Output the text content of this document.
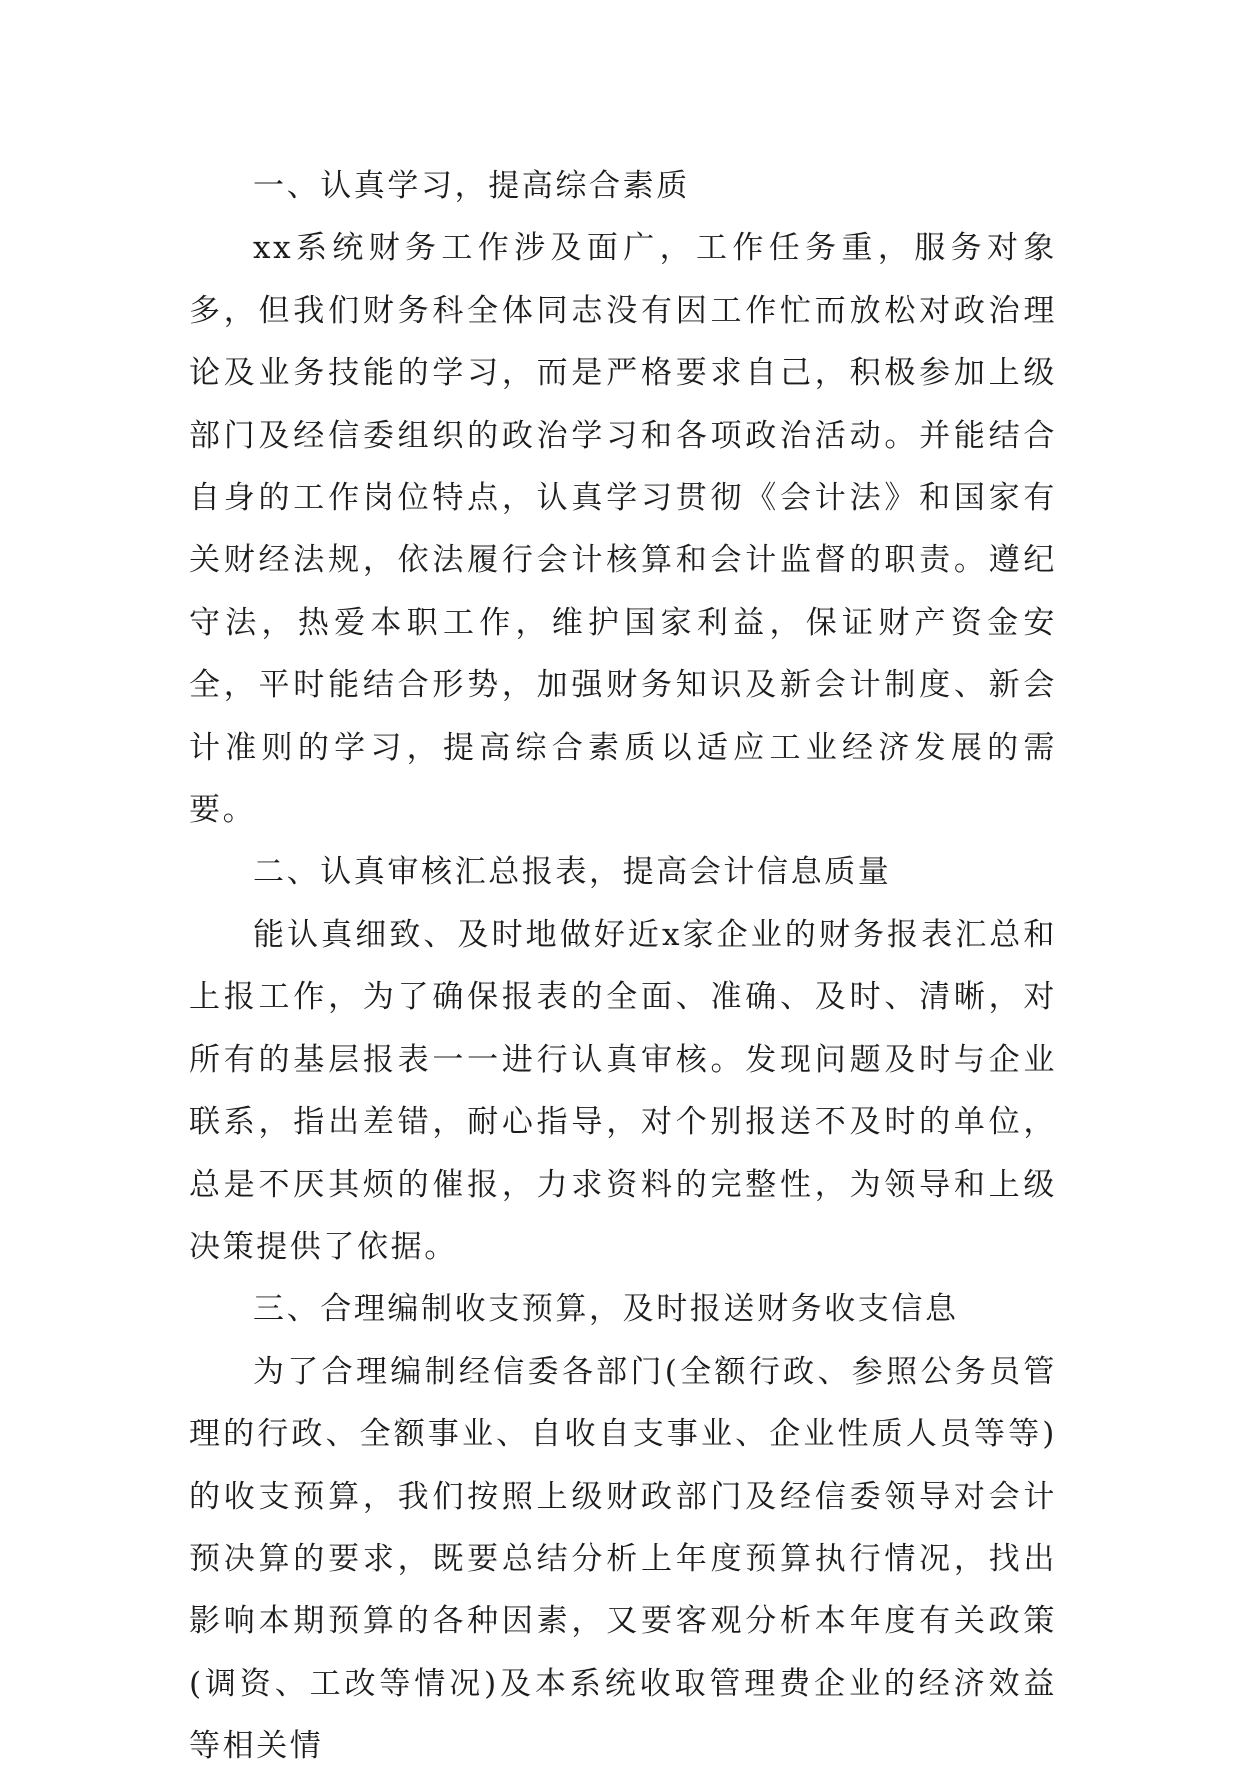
一、认真学习，提高综合素质

xx系统财务工作涉及面广，工作任务重，服务对象多，但我们财务科全体同志没有因工作忙而放松对政治理论及业务技能的学习，而是严格要求自己，积极参加上级部门及经信委组织的政治学习和各项政治活动。并能结合自身的工作岗位特点，认真学习贯彻《会计法》和国家有关财经法规，依法履行会计核算和会计监督的职责。遵纪守法，热爱本职工作，维护国家利益，保证财产资金安全，平时能结合形势，加强财务知识及新会计制度、新会计准则的学习，提高综合素质以适应工业经济发展的需要。

二、认真审核汇总报表，提高会计信息质量

能认真细致、及时地做好近x家企业的财务报表汇总和上报工作，为了确保报表的全面、准确、及时、清晰，对所有的基层报表一一进行认真审核。发现问题及时与企业联系，指出差错，耐心指导，对个别报送不及时的单位，总是不厌其烦的催报，力求资料的完整性，为领导和上级决策提供了依据。

三、合理编制收支预算，及时报送财务收支信息

为了合理编制经信委各部门(全额行政、参照公务员管理的行政、全额事业、自收自支事业、企业性质人员等等)的收支预算，我们按照上级财政部门及经信委领导对会计预决算的要求，既要总结分析上年度预算执行情况，找出影响本期预算的各种因素，又要客观分析本年度有关政策(调资、工改等情况)及本系统收取管理费企业的经济效益等相关情
